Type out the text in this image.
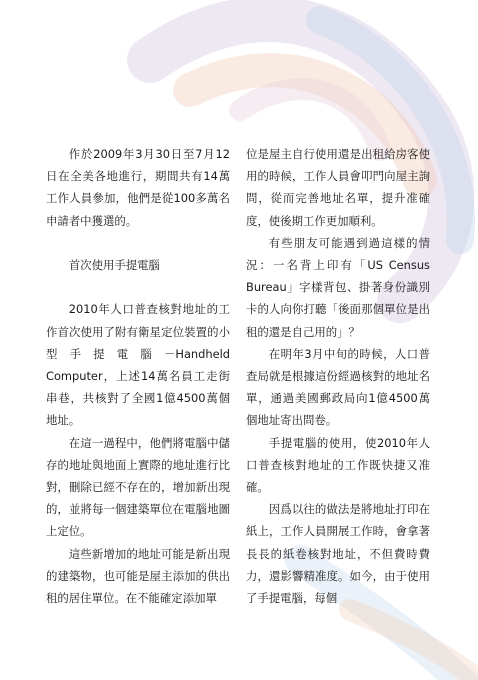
作於2009年3月30日至7月12日在全美各地進行，期間共有14萬工作人員參加，他們是從100多萬名申請者中獲選的。

首次使用手提電腦

2010年人口普查核對地址的工作首次使用了附有衛星定位裝置的小型手提電腦－Handheld Computer，上述14萬名員工走街串巷，共核對了全國1億4500萬個地址。

在這一過程中，他們將電腦中儲存的地址與地面上實際的地址進行比對，刪除已經不存在的，增加新出現的，並將每一個建築單位在電腦地圖上定位。

這些新增加的地址可能是新出現的建築物，也可能是屋主添加的供出租的居住單位。在不能確定添加單

位是屋主自行使用還是出租給房客使用的時候，工作人員會叩門向屋主詢問，從而完善地址名單，提升准確度，使後期工作更加順利。

有些朋友可能遇到過這樣的情況：一名背上印有「US Census Bureau」字樣背包、掛著身份識別卡的人向你打聽「後面那個單位是出租的還是自己用的」？

在明年3月中旬的時候，人口普查局就是根據這份經過核對的地址名單，通過美國郵政局向1億4500萬個地址寄出問卷。

手提電腦的使用，使2010年人口普查核對地址的工作既快捷又准確。

因爲以往的做法是將地址打印在紙上，工作人員開展工作時，會拿著長長的紙卷核對地址，不但費時費力，還影響精准度。如今，由于使用了手提電腦，每個
